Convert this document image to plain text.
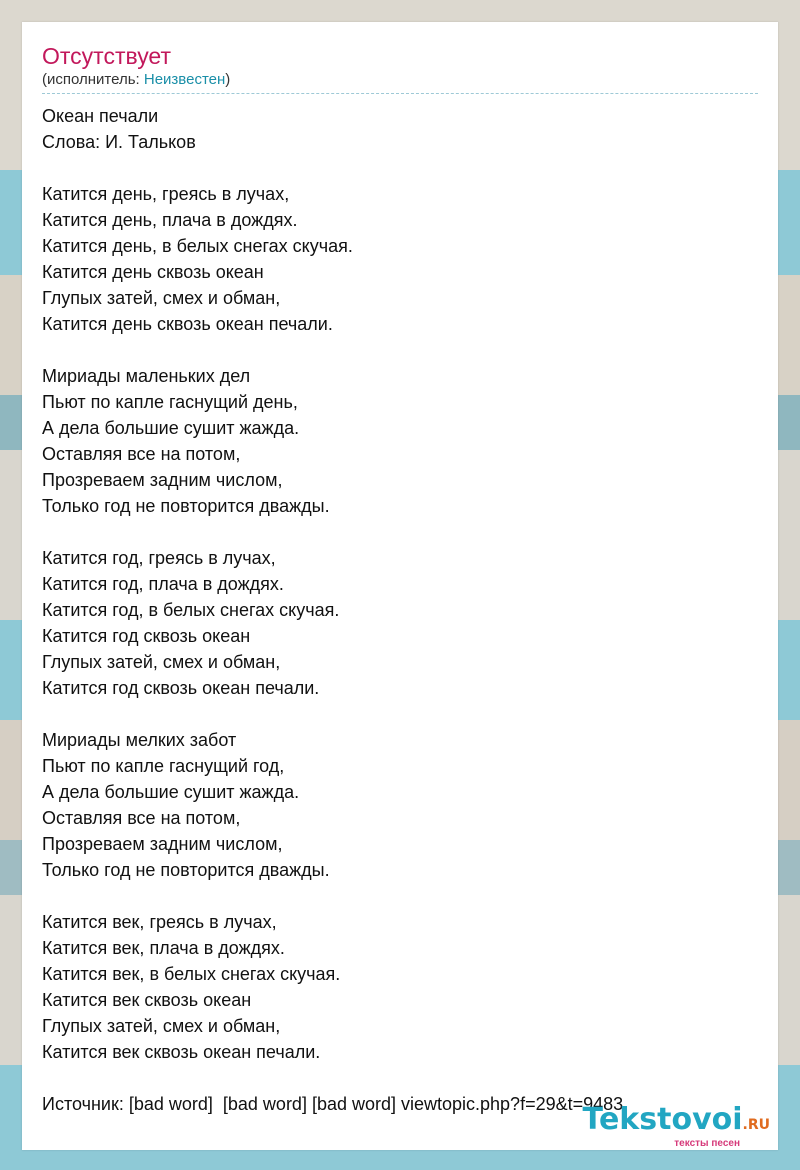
Отсутствует
(исполнитель: Неизвестен)
Океан печали
Слова: И. Тальков
Катится день, греясь в лучах,
Катится день, плача в дождях.
Катится день, в белых снегах скучая.
Катится день сквозь океан
Глупых затей, смех и обман,
Катится день сквозь океан печали.
Мириады маленьких дел
Пьют по капле гаснущий день,
А дела большие сушит жажда.
Оставляя все на потом,
Прозреваем задним числом,
Только год не повторится дважды.
Катится год, греясь в лучах,
Катится год, плача в дождях.
Катится год, в белых снегах скучая.
Катится год сквозь океан
Глупых затей, смех и обман,
Катится год сквозь океан печали.
Мириады мелких забот
Пьют по капле гаснущий год,
А дела большие сушит жажда.
Оставляя все на потом,
Прозреваем задним числом,
Только год не повторится дважды.
Катится век, греясь в лучах,
Катится век, плача в дождях.
Катится век, в белых снегах скучая.
Катится век сквозь океан
Глупых затей, смех и обман,
Катится век сквозь океан печали.
Источник: [bad word]  [bad word] [bad word] viewtopic.php?f=29&t=9483
Tekstovoi.RU
тексты песен
